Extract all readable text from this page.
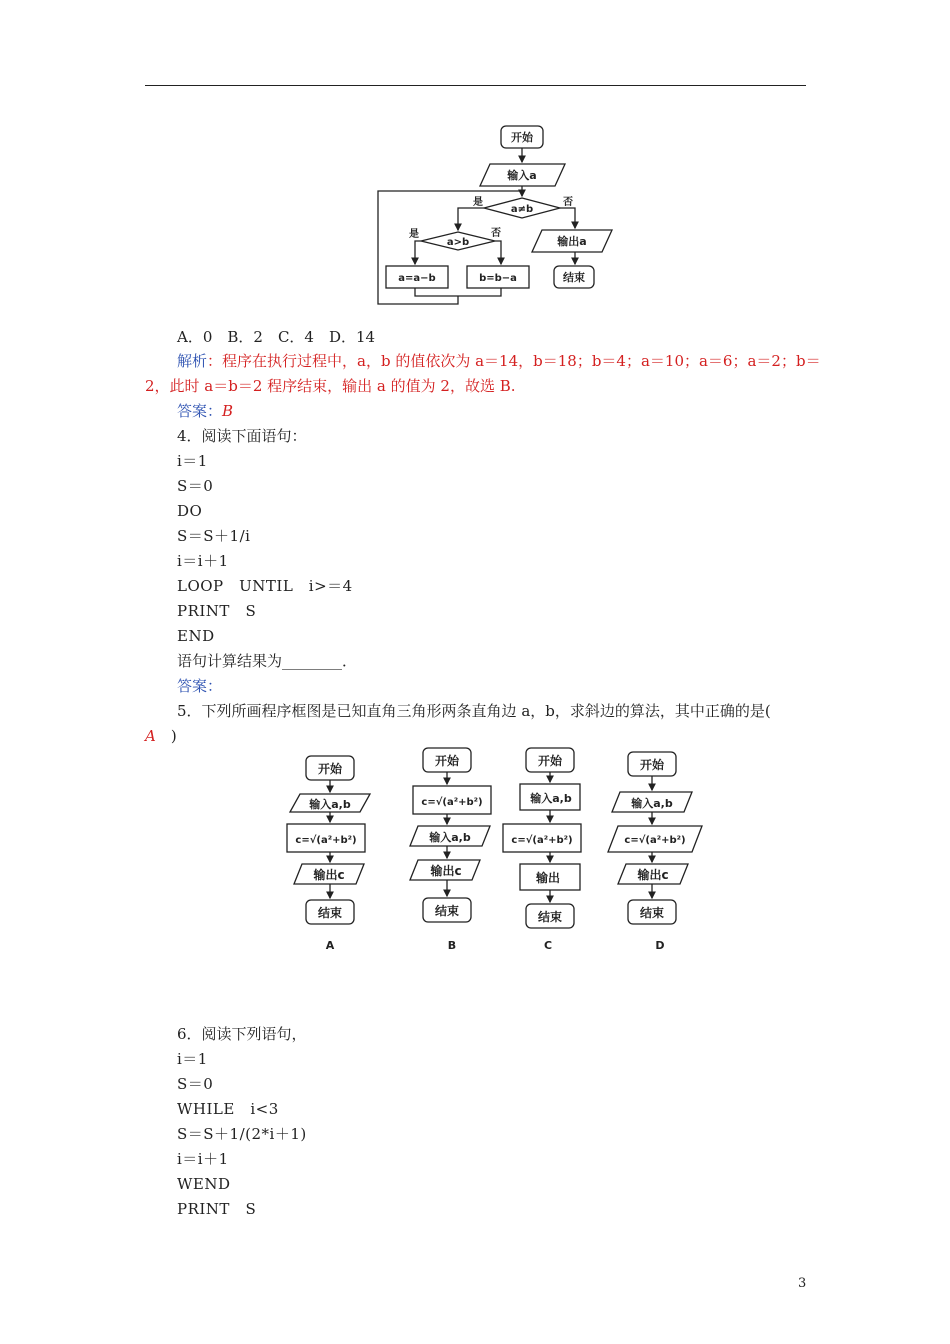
开始
输入a
a≠b
是	否
输出a
结束
a>b
是	否
a=a−b	b=b−a
A．0　B．2　C．4　D．14
解析：程序在执行过程中，a，b 的值依次为 a＝14，b＝18；b＝4；a＝10；a＝6；a＝2；b＝
2，此时 a＝b＝2 程序结束，输出 a 的值为 2，故选 B.
答案：B
4．阅读下面语句：
i＝1
S＝0
DO
S＝S＋1/i
i＝i＋1
LOOP　UNTIL　i>＝4
PRINT　S
END
语句计算结果为________．
答案：
5．下列所画程序框图是已知直角三角形两条直角边 a，b，求斜边的算法，其中正确的是(
A　 )
开始
输入a,b
c=√(a²+b²)
输出c
结束
A
开始
c=√(a²+b²)
输入a,b
输出c
结束
B
开始
输入a,b
c=√(a²+b²)
输出
结束
C
开始
输入a,b
c=√(a²+b²)
输出c
结束
D
6．阅读下列语句，
i＝1
S＝0
WHILE　i<3
S＝S＋1/(2*i＋1)
i＝i＋1
WEND
PRINT　S
3
